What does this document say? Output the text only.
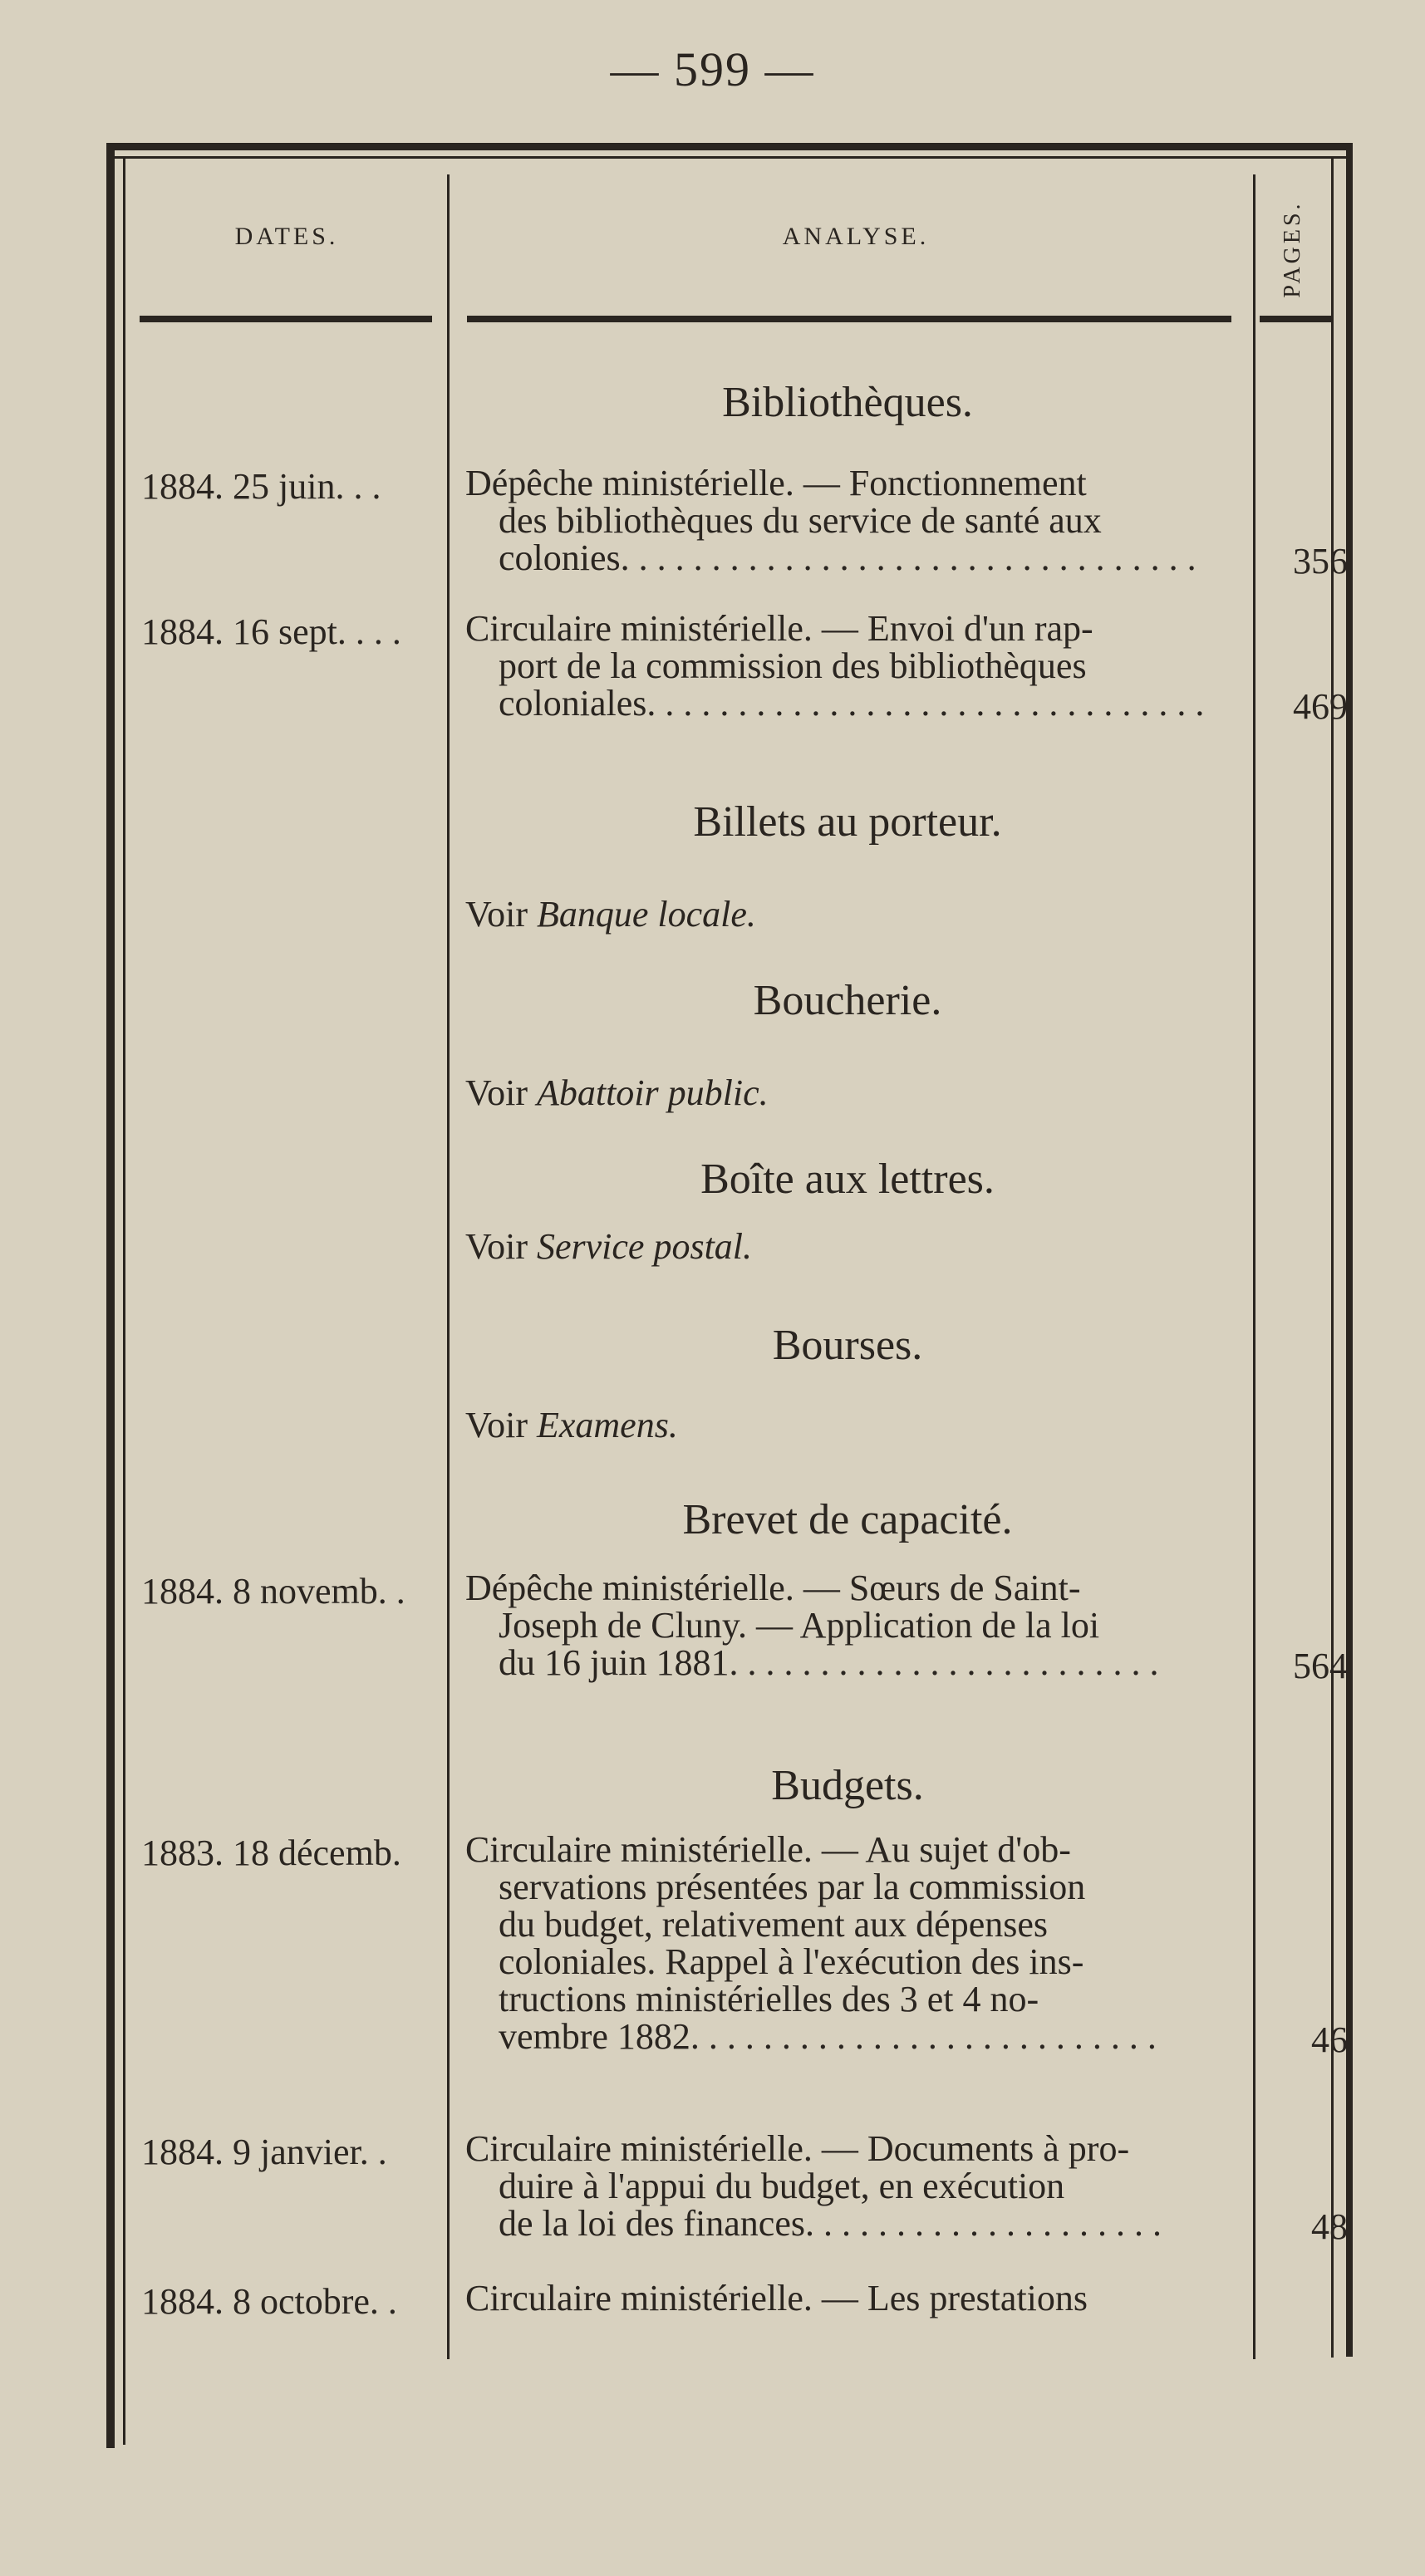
— 599 —
DATES.	ANALYSE.	PAGES.
Bibliothèques.
1884. 25 juin. . .	Dépêche ministérielle. — Fonctionnement
des bibliothèques du service de santé aux
colonies. . . . . . . . . . . . . . . . . . . . . . . . . . . . . . . .	356
1884. 16 sept. . . .	Circulaire ministérielle. — Envoi d'un rap-
port de la commission des bibliothèques
coloniales. . . . . . . . . . . . . . . . . . . . . . . . . . . . . . .	469
Billets au porteur.
Voir Banque locale.
Boucherie.
Voir Abattoir public.
Boîte aux lettres.
Voir Service postal.
Bourses.
Voir Examens.
Brevet de capacité.
1884. 8 novemb. .	Dépêche ministérielle. — Sœurs de Saint-
Joseph de Cluny. — Application de la loi
du 16 juin 1881. . . . . . . . . . . . . . . . . . . . . . . .	564
Budgets.
1883. 18 décemb.	Circulaire ministérielle. — Au sujet d'ob-
servations présentées par la commission
du budget, relativement aux dépenses
coloniales. Rappel à l'exécution des ins-
tructions ministérielles des 3 et 4 no-
vembre 1882. . . . . . . . . . . . . . . . . . . . . . . . . .	46
1884. 9 janvier. .	Circulaire ministérielle. — Documents à pro-
duire à l'appui du budget, en exécution
de la loi des finances. . . . . . . . . . . . . . . . . . . .	48
1884. 8 octobre. .	Circulaire ministérielle. — Les prestations
